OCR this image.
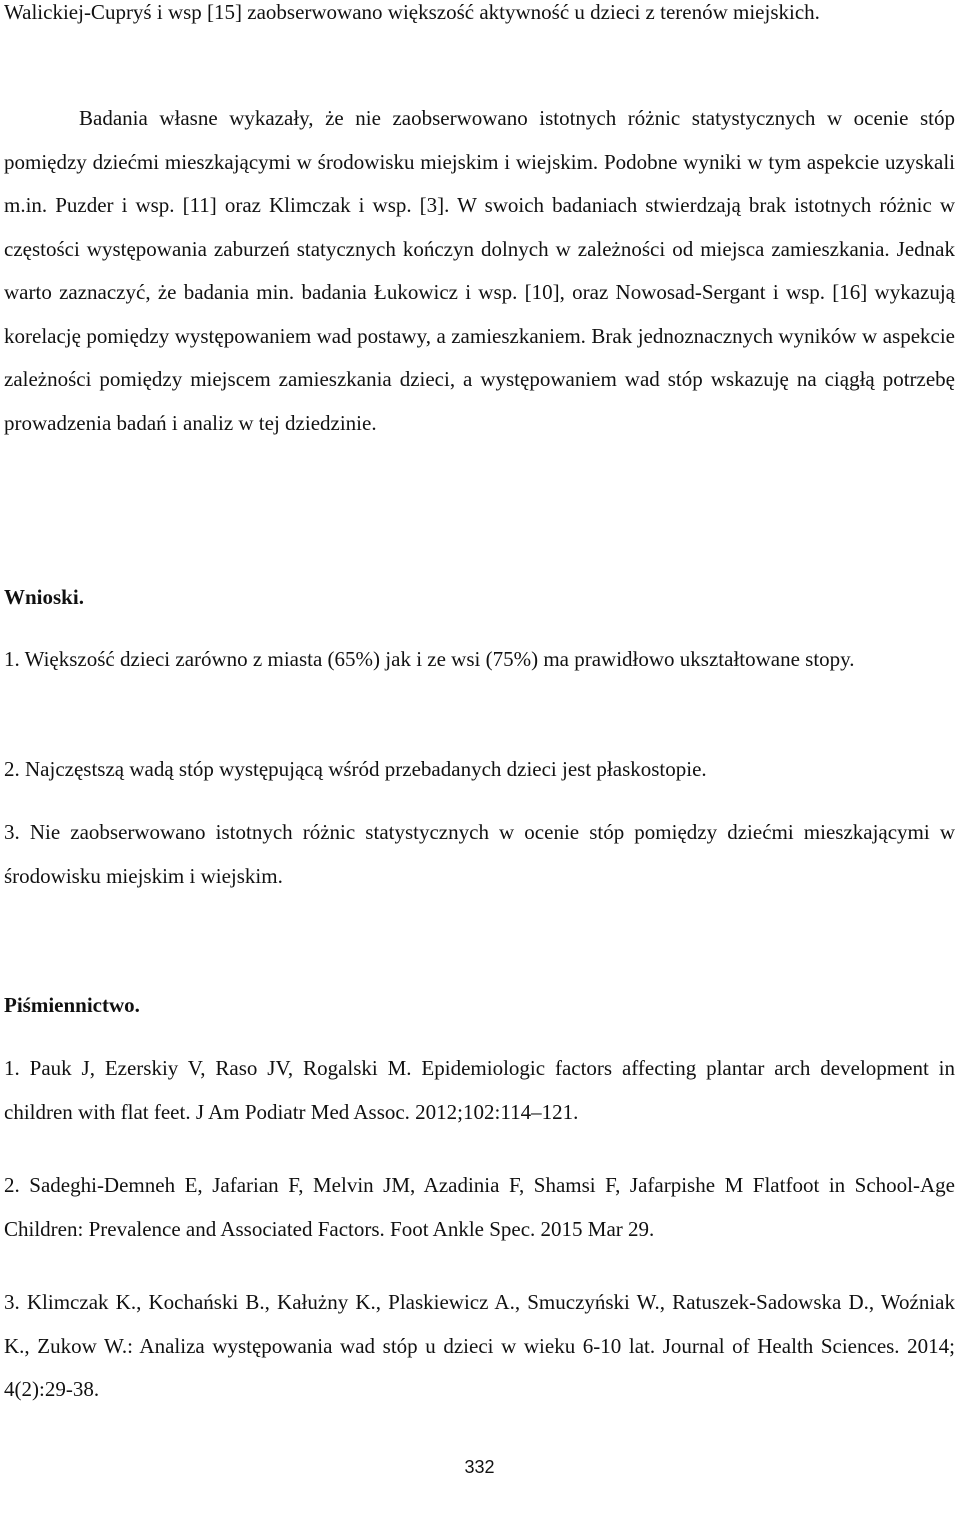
Walickiej-Cupryś i wsp [15] zaobserwowano większość aktywność u dzieci z terenów miejskich.

Badania własne wykazały, że nie zaobserwowano istotnych różnic statystycznych w ocenie stóp pomiędzy dziećmi mieszkającymi w środowisku miejskim i wiejskim. Podobne wyniki w tym aspekcie uzyskali m.in. Puzder i wsp. [11] oraz Klimczak i wsp. [3]. W swoich badaniach stwierdzają brak istotnych różnic w częstości występowania zaburzeń statycznych kończyn dolnych w zależności od miejsca zamieszkania. Jednak warto zaznaczyć, że badania min. badania Łukowicz i wsp. [10], oraz Nowosad-Sergant i wsp. [16] wykazują korelację pomiędzy występowaniem wad postawy, a zamieszkaniem. Brak jednoznacznych wyników w aspekcie zależności pomiędzy miejscem zamieszkania dzieci, a występowaniem wad stóp wskazuję na ciągłą potrzebę prowadzenia badań i analiz w tej dziedzinie.

Wnioski.

1. Większość dzieci zarówno z miasta (65%) jak i ze wsi (75%) ma prawidłowo ukształtowane stopy.

2. Najczęstszą wadą stóp występującą wśród przebadanych dzieci jest płaskostopie.

3. Nie zaobserwowano istotnych różnic statystycznych w ocenie stóp pomiędzy dziećmi mieszkającymi w środowisku miejskim i wiejskim.

Piśmiennictwo.

1. Pauk J, Ezerskiy V, Raso JV, Rogalski M. Epidemiologic factors affecting plantar arch development in children with flat feet. J Am Podiatr Med Assoc. 2012;102:114–121.

2. Sadeghi-Demneh E, Jafarian F, Melvin JM, Azadinia F, Shamsi F, Jafarpishe M Flatfoot in School-Age Children: Prevalence and Associated Factors. Foot Ankle Spec. 2015 Mar 29.

3. Klimczak K., Kochański B., Kałużny K., Plaskiewicz A., Smuczyński W., Ratuszek-Sadowska D., Woźniak K., Zukow W.: Analiza występowania wad stóp u dzieci w wieku 6-10 lat. Journal of Health Sciences. 2014; 4(2):29-38.

332
